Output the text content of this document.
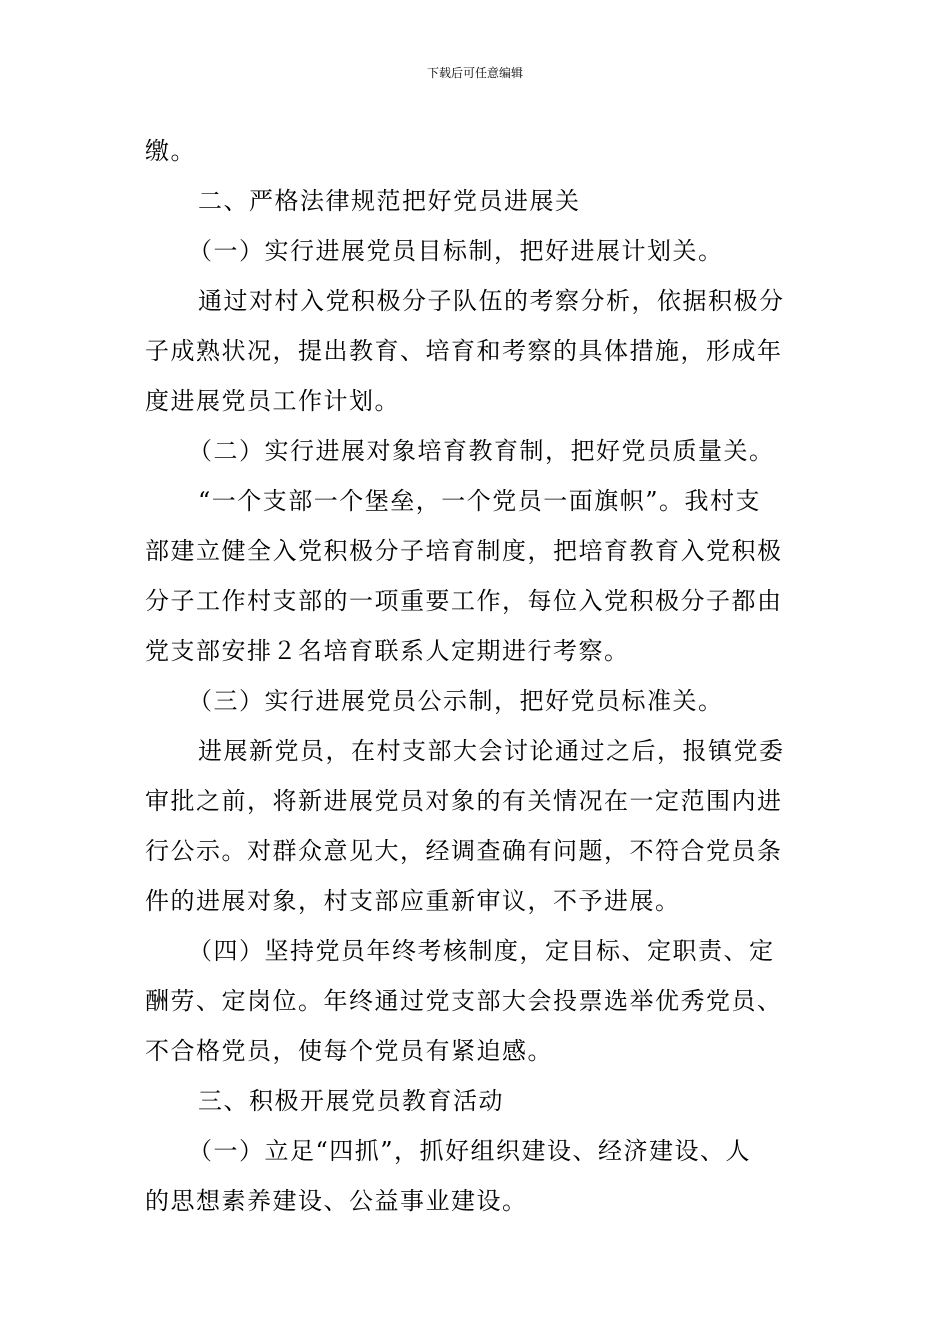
下载后可任意编辑

缴。

二、严格法律规范把好党员进展关

（一）实行进展党员目标制，把好进展计划关。

通过对村入党积极分子队伍的考察分析，依据积极分
子成熟状况，提出教育、培育和考察的具体措施，形成年
度进展党员工作计划。

（二）实行进展对象培育教育制，把好党员质量关。

“一个支部一个堡垒，一个党员一面旗帜”。我村支
部建立健全入党积极分子培育制度，把培育教育入党积极
分子工作村支部的一项重要工作，每位入党积极分子都由
党支部安排２名培育联系人定期进行考察。

（三）实行进展党员公示制，把好党员标准关。

进展新党员，在村支部大会讨论通过之后，报镇党委
审批之前，将新进展党员对象的有关情况在一定范围内进
行公示。对群众意见大，经调查确有问题，不符合党员条
件的进展对象，村支部应重新审议，不予进展。

（四）坚持党员年终考核制度，定目标、定职责、定
酬劳、定岗位。年终通过党支部大会投票选举优秀党员、
不合格党员，使每个党员有紧迫感。

三、积极开展党员教育活动

（一）立足“四抓”，抓好组织建设、经济建设、人
的思想素养建设、公益事业建设。
